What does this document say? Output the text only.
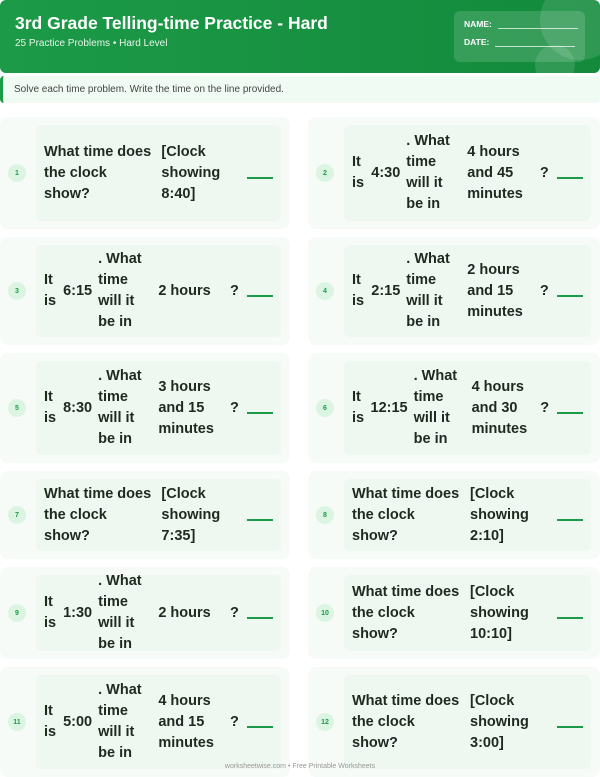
3rd Grade Telling-time Practice - Hard
25 Practice Problems • Hard Level
NAME:
DATE:
Solve each time problem. Write the time on the line provided.
1
What time does the clock show?
[Clock showing 8:40]
___	2
It is
4:30
. What time will it be in
4 hours and 45 minutes
? ___
3
It is
6:15
. What time will it be in
2 hours	? ___	4
It is
2:15
. What time will it be in
2 hours and 15 minutes
? ___
5
It is
8:30
. What time will it be in
3 hours and 15 minutes
? ___	6
It is
12:15
. What time will it be in
4 hours and 30 minutes
? ___
7
What time does the clock show?
[Clock showing 7:35]
___	8
What time does the clock show?
[Clock showing 2:10]
___
9
It is
1:30
. What time will it be in
2 hours	? ___	10
What time does the clock show?
[Clock showing 10:10]
___
11
It is
5:00
. What time will it be in
4 hours and 15 minutes
? ___	12
What time does the clock show?
[Clock showing 3:00]
___
worksheetwise.com • Free Printable Worksheets
